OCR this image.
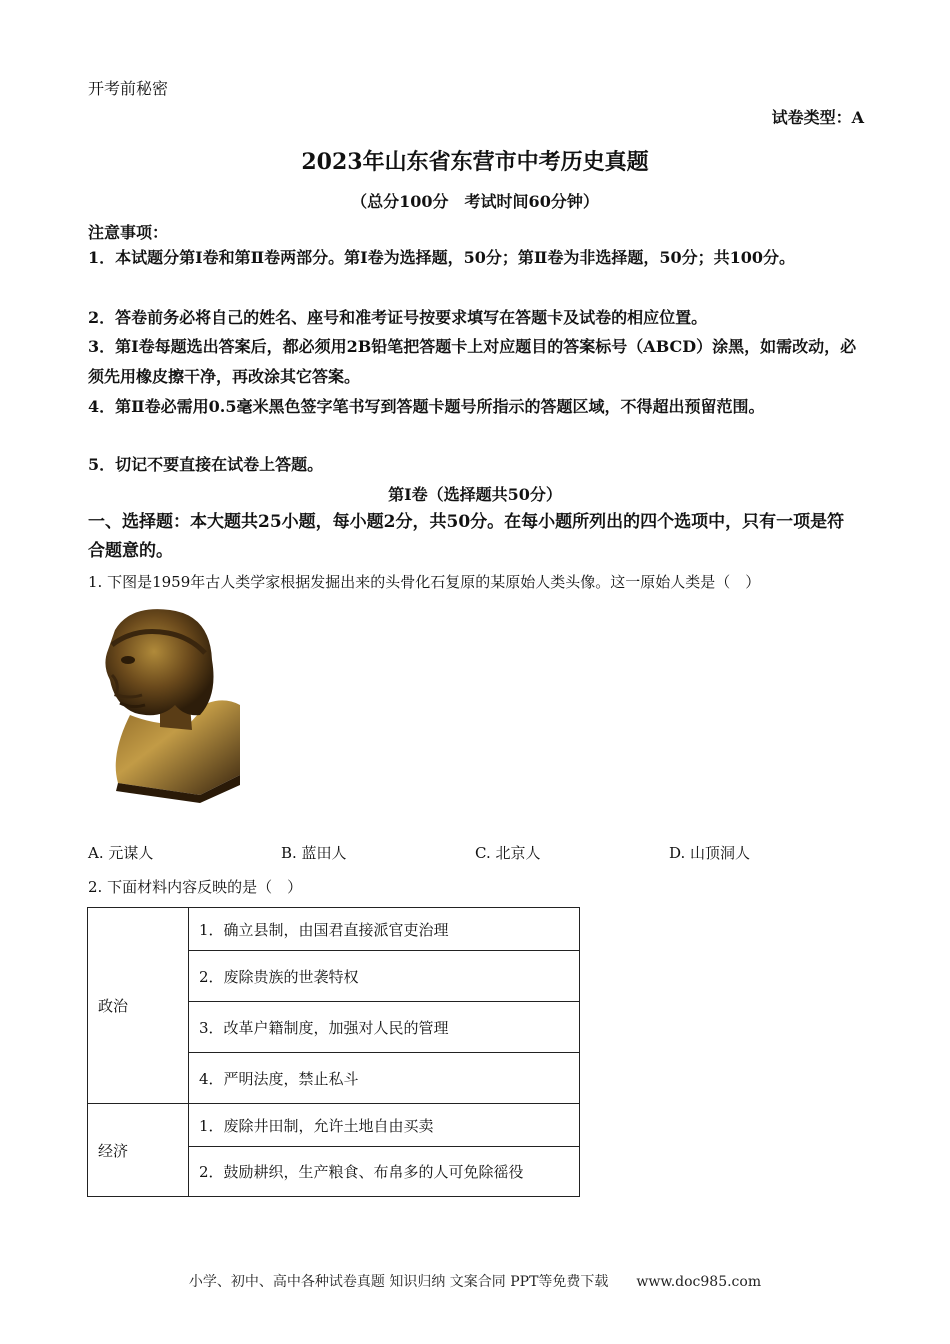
开考前秘密
试卷类型：A
2023年山东省东营市中考历史真题
（总分100分　考试时间60分钟）
注意事项：
1．本试题分第Ⅰ卷和第Ⅱ卷两部分。第Ⅰ卷为选择题，50分；第Ⅱ卷为非选择题，50分；共100分。
2．答卷前务必将自己的姓名、座号和准考证号按要求填写在答题卡及试卷的相应位置。
3．第Ⅰ卷每题选出答案后，都必须用2B铅笔把答题卡上对应题目的答案标号（ABCD）涂黑，如需改动，必须先用橡皮擦干净，再改涂其它答案。
4．第Ⅱ卷必需用0.5毫米黑色签字笔书写到答题卡题号所指示的答题区域，不得超出预留范围。
5．切记不要直接在试卷上答题。
第Ⅰ卷（选择题共50分）
一、选择题：本大题共25小题，每小题2分，共50分。在每小题所列出的四个选项中，只有一项是符合题意的。
1. 下图是1959年古人类学家根据发掘出来的头骨化石复原的某原始人类头像。这一原始人类是（　）
A. 元谋人	B. 蓝田人	C. 北京人	D. 山顶洞人
2. 下面材料内容反映的是（　）
政治	1．确立县制，由国君直接派官吏治理
	2．废除贵族的世袭特权
	3．改革户籍制度，加强对人民的管理
	4．严明法度，禁止私斗
经济	1．废除井田制，允许土地自由买卖
	2．鼓励耕织，生产粮食、布帛多的人可免除徭役
小学、初中、高中各种试卷真题 知识归纳 文案合同 PPT等免费下载　　www.doc985.com
